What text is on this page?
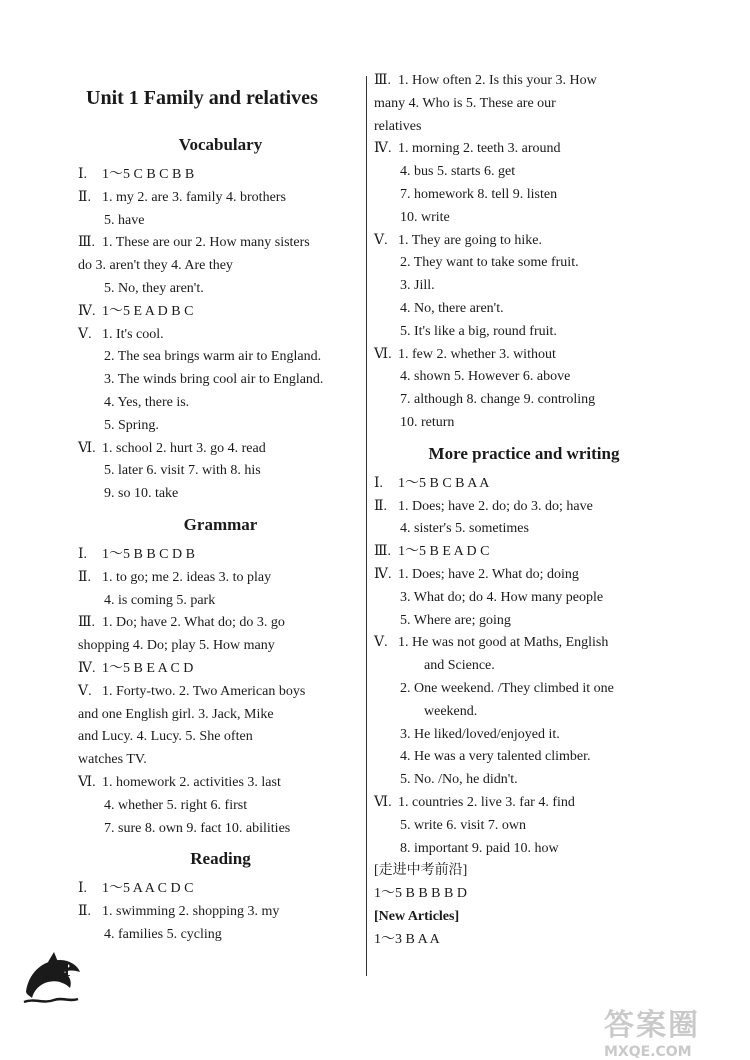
Unit 1 Family and relatives
Vocabulary
Ⅰ. 1～5 C B C B B
Ⅱ. 1. my 2. are 3. family 4. brothers
5. have
Ⅲ. 1. These are our 2. How many sisters
do 3. aren't they 4. Are they
5. No, they aren't.
Ⅳ. 1～5 E A D B C
Ⅴ. 1. It's cool.
2. The sea brings warm air to England.
3. The winds bring cool air to England.
4. Yes, there is.
5. Spring.
Ⅵ. 1. school 2. hurt 3. go 4. read
5. later 6. visit 7. with 8. his
9. so 10. take
Grammar
Ⅰ. 1～5 B B C D B
Ⅱ. 1. to go; me 2. ideas 3. to play
4. is coming 5. park
Ⅲ. 1. Do; have 2. What do; do 3. go
shopping 4. Do; play 5. How many
Ⅳ. 1～5 B E A C D
Ⅴ. 1. Forty-two. 2. Two American boys
and one English girl. 3. Jack, Mike
and Lucy. 4. Lucy. 5. She often
watches TV.
Ⅵ. 1. homework 2. activities 3. last
4. whether 5. right 6. first
7. sure 8. own 9. fact 10. abilities
Reading
Ⅰ. 1～5 A A C D C
Ⅱ. 1. swimming 2. shopping 3. my
4. families 5. cycling
Ⅲ. 1. How often 2. Is this your 3. How
many 4. Who is 5. These are our
relatives
Ⅳ. 1. morning 2. teeth 3. around
4. bus 5. starts 6. get
7. homework 8. tell 9. listen
10. write
Ⅴ. 1. They are going to hike.
2. They want to take some fruit.
3. Jill.
4. No, there aren't.
5. It's like a big, round fruit.
Ⅵ. 1. few 2. whether 3. without
4. shown 5. However 6. above
7. although 8. change 9. controling
10. return
More practice and writing
Ⅰ. 1～5 B C B A A
Ⅱ. 1. Does; have 2. do; do 3. do; have
4. sister's 5. sometimes
Ⅲ. 1～5 B E A D C
Ⅳ. 1. Does; have 2. What do; doing
3. What do; do 4. How many people
5. Where are; going
Ⅴ. 1. He was not good at Maths, English
and Science.
2. One weekend. /They climbed it one
weekend.
3. He liked/loved/enjoyed it.
4. He was a very talented climber.
5. No. /No, he didn't.
Ⅵ. 1. countries 2. live 3. far 4. find
5. write 6. visit 7. own
8. important 9. paid 10. how
[走进中考前沿]
1～5 B B B B D
[New Articles]
1～3 B A A
1
答案圈
MXQE.COM
